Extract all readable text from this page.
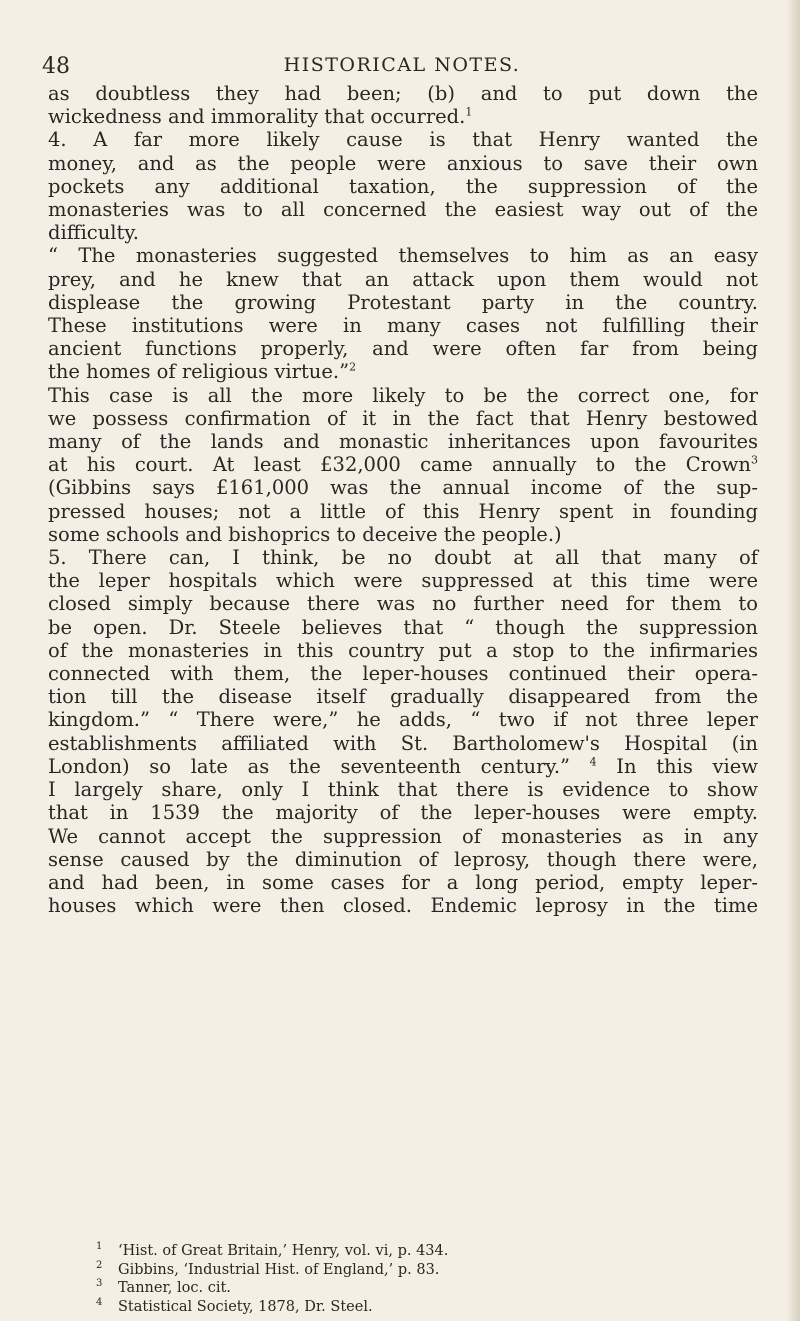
48	HISTORICAL NOTES.
as doubtless they had been; (b) and to put down the
wickedness and immorality that occurred.$^1$
4. A far more likely cause is that Henry wanted the
money, and as the people were anxious to save their own
pockets any additional taxation, the suppression of the
monasteries was to all concerned the easiest way out of the
difficulty.
“ The monasteries suggested themselves to him as an easy
prey, and he knew that an attack upon them would not
displease the growing Protestant party in the country.
These institutions were in many cases not fulfilling their
ancient functions properly, and were often far from being
the homes of religious virtue.”$^2$
This case is all the more likely to be the correct one, for
we possess confirmation of it in the fact that Henry bestowed
many of the lands and monastic inheritances upon favourites
at his court. At least £32,000 came annually to the Crown$^3$
(Gibbins says £161,000 was the annual income of the sup-
pressed houses; not a little of this Henry spent in founding
some schools and bishoprics to deceive the people.)
5. There can, I think, be no doubt at all that many of
the leper hospitals which were suppressed at this time were
closed simply because there was no further need for them to
be open. Dr. Steele believes that “ though the suppression
of the monasteries in this country put a stop to the infirmaries
connected with them, the leper-houses continued their opera-
tion till the disease itself gradually disappeared from the
kingdom.” “ There were,” he adds, “ two if not three leper
establishments affiliated with St. Bartholomew's Hospital (in
London) so late as the seventeenth century.” $^4$ In this view
I largely share, only I think that there is evidence to show
that in 1539 the majority of the leper-houses were empty.
We cannot accept the suppression of monasteries as in any
sense caused by the diminution of leprosy, though there were,
and had been, in some cases for a long period, empty leper-
houses which were then closed. Endemic leprosy in the time
1 ‘Hist. of Great Britain,’ Henry, vol. vi, p. 434.
2 Gibbins, ‘Industrial Hist. of England,’ p. 83.
3 Tanner, loc. cit.
4 Statistical Society, 1878, Dr. Steel.
